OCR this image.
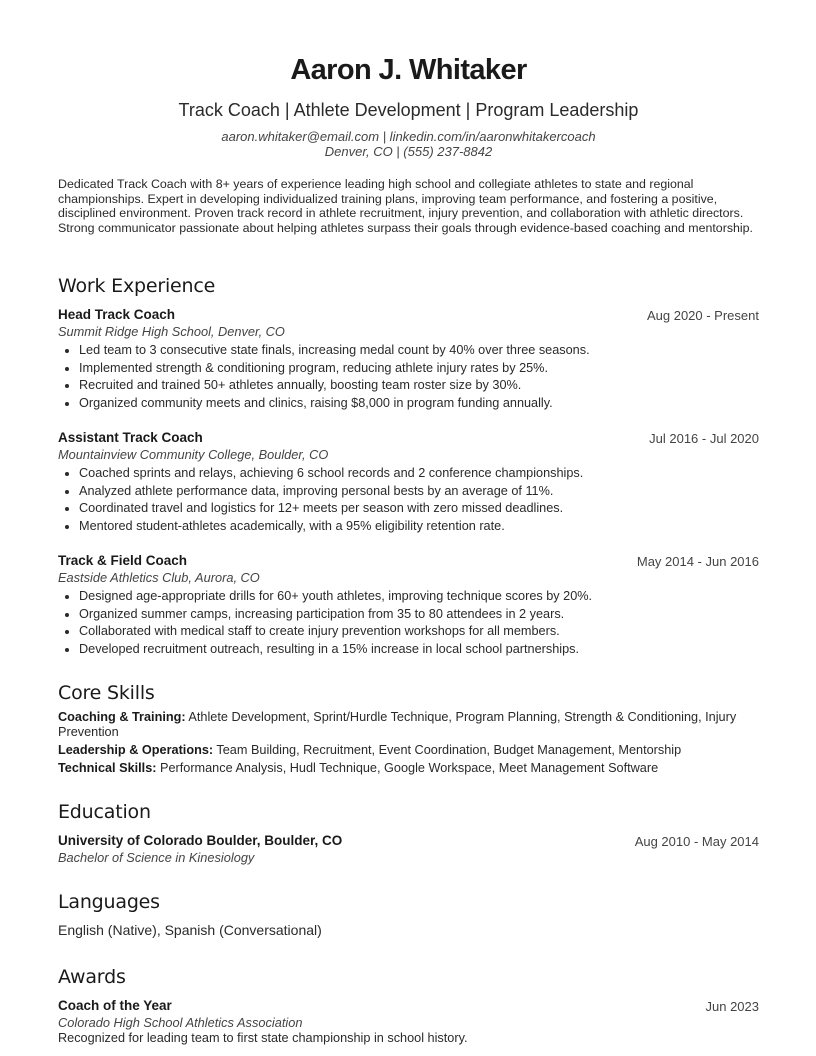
Aaron J. Whitaker
Track Coach | Athlete Development | Program Leadership
aaron.whitaker@email.com | linkedin.com/in/aaronwhitakercoach
Denver, CO | (555) 237-8842
Dedicated Track Coach with 8+ years of experience leading high school and collegiate athletes to state and regional championships. Expert in developing individualized training plans, improving team performance, and fostering a positive, disciplined environment. Proven track record in athlete recruitment, injury prevention, and collaboration with athletic directors. Strong communicator passionate about helping athletes surpass their goals through evidence-based coaching and mentorship.
Work Experience
Head Track Coach	Aug 2020 - Present
Summit Ridge High School, Denver, CO
Led team to 3 consecutive state finals, increasing medal count by 40% over three seasons.
Implemented strength & conditioning program, reducing athlete injury rates by 25%.
Recruited and trained 50+ athletes annually, boosting team roster size by 30%.
Organized community meets and clinics, raising $8,000 in program funding annually.
Assistant Track Coach	Jul 2016 - Jul 2020
Mountainview Community College, Boulder, CO
Coached sprints and relays, achieving 6 school records and 2 conference championships.
Analyzed athlete performance data, improving personal bests by an average of 11%.
Coordinated travel and logistics for 12+ meets per season with zero missed deadlines.
Mentored student-athletes academically, with a 95% eligibility retention rate.
Track & Field Coach	May 2014 - Jun 2016
Eastside Athletics Club, Aurora, CO
Designed age-appropriate drills for 60+ youth athletes, improving technique scores by 20%.
Organized summer camps, increasing participation from 35 to 80 attendees in 2 years.
Collaborated with medical staff to create injury prevention workshops for all members.
Developed recruitment outreach, resulting in a 15% increase in local school partnerships.
Core Skills
Coaching & Training: Athlete Development, Sprint/Hurdle Technique, Program Planning, Strength & Conditioning, Injury Prevention
Leadership & Operations: Team Building, Recruitment, Event Coordination, Budget Management, Mentorship
Technical Skills: Performance Analysis, Hudl Technique, Google Workspace, Meet Management Software
Education
University of Colorado Boulder, Boulder, CO	Aug 2010 - May 2014
Bachelor of Science in Kinesiology
Languages
English (Native), Spanish (Conversational)
Awards
Coach of the Year	Jun 2023
Colorado High School Athletics Association
Recognized for leading team to first state championship in school history.
